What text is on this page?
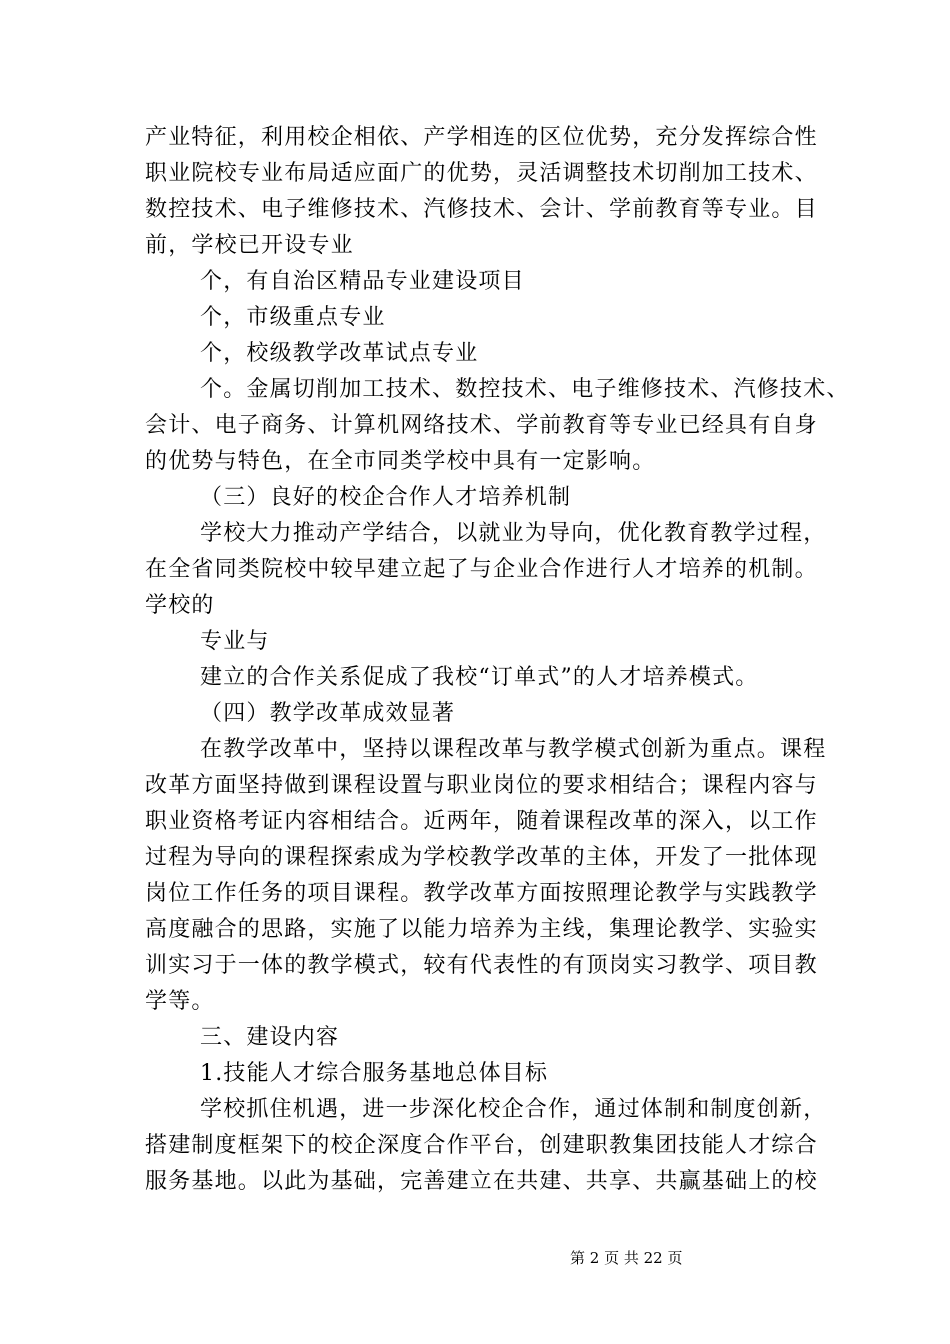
产业特征，利用校企相依、产学相连的区位优势，充分发挥综合性
职业院校专业布局适应面广的优势，灵活调整技术切削加工技术、
数控技术、电子维修技术、汽修技术、会计、学前教育等专业。目
前，学校已开设专业
个，有自治区精品专业建设项目
个，市级重点专业
个，校级教学改革试点专业
个。金属切削加工技术、数控技术、电子维修技术、汽修技术、
会计、电子商务、计算机网络技术、学前教育等专业已经具有自身
的优势与特色，在全市同类学校中具有一定影响。
（三）良好的校企合作人才培养机制
学校大力推动产学结合，以就业为导向，优化教育教学过程，
在全省同类院校中较早建立起了与企业合作进行人才培养的机制。
学校的
专业与
建立的合作关系促成了我校“订单式”的人才培养模式。
（四）教学改革成效显著
在教学改革中，坚持以课程改革与教学模式创新为重点。课程
改革方面坚持做到课程设置与职业岗位的要求相结合；课程内容与
职业资格考证内容相结合。近两年，随着课程改革的深入，以工作
过程为导向的课程探索成为学校教学改革的主体，开发了一批体现
岗位工作任务的项目课程。教学改革方面按照理论教学与实践教学
高度融合的思路，实施了以能力培养为主线，集理论教学、实验实
训实习于一体的教学模式，较有代表性的有顶岗实习教学、项目教
学等。
三、建设内容
1.技能人才综合服务基地总体目标
学校抓住机遇，进一步深化校企合作，通过体制和制度创新，
搭建制度框架下的校企深度合作平台，创建职教集团技能人才综合
服务基地。以此为基础，完善建立在共建、共享、共赢基础上的校
第 2 页 共 22 页
